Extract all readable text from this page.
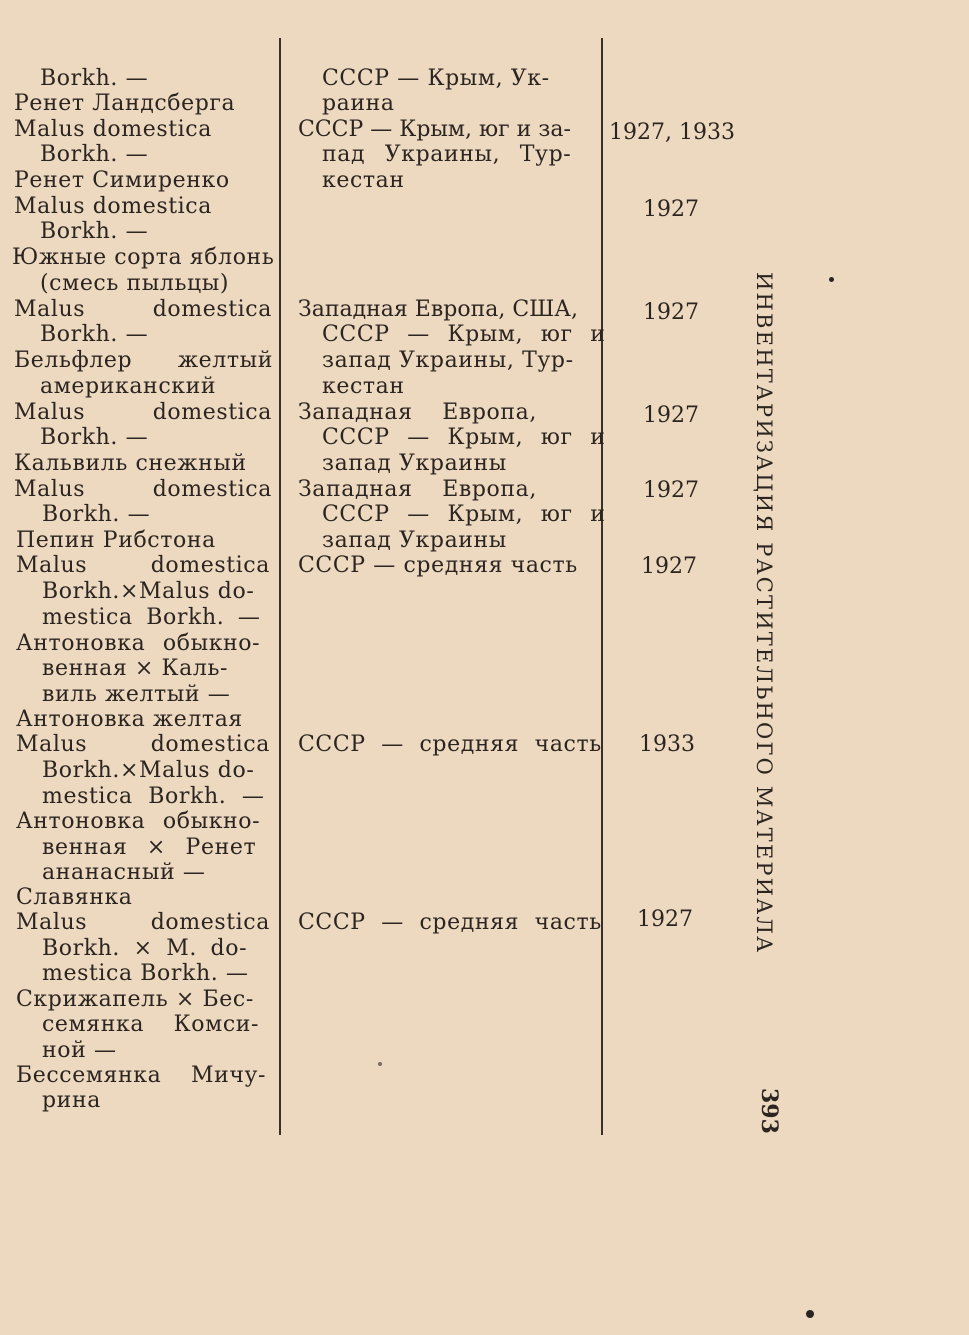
Borkh. —
Ренет Ландсберга
Malus domestica
Borkh. —
Ренет Симиренко
Malus domestica
Borkh. —
Южные сорта яблонь
(смесь пыльцы)
Malus domestica
Borkh. —
Бельфлер желтый
американский
Malus domestica
Borkh. —
Кальвиль снежный
Malus domestica
Borkh. —
Пепин Рибстона
Malus domestica
Borkh.×Malus do-
mestica Borkh. —
Антоновка обыкно-
венная × Каль-
виль желтый —
Антоновка желтая
Malus domestica
Borkh.×Malus do-
mestica Borkh. —
Антоновка обыкно-
венная × Ренет
ананасный —
Славянка
Malus domestica
Borkh. × M. do-
mestica Borkh. —
Скрижапель × Бес-
семянка Комси-
ной —
Бессемянка Мичу-
рина
СССР — Крым, Ук-
раина
СССР — Крым, юг и за-
пад Украины, Тур-
кестан
Западная Европа, США,
СССР — Крым, юг и
запад Украины, Тур-
кестан
Западная Европа,
СССР — Крым, юг и
запад Украины
Западная Европа,
СССР — Крым, юг и
запад Украины
СССР — средняя часть
СССР — средняя часть
СССР — средняя часть
1927, 1933
1927
1927
1927
1927
1927
1933
1927	ИНВЕНТАРИЗАЦИЯ РАСТИТЕЛЬНОГО МАТЕРИАЛА
393
